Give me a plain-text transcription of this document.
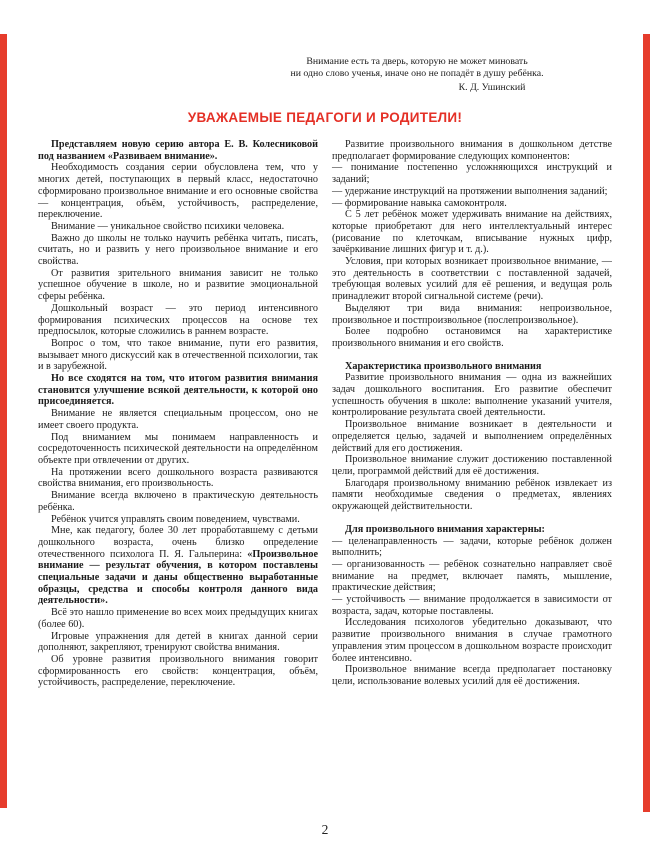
Внимание есть та дверь, которую не может миновать
ни одно слово ученья, иначе оно не попадёт в душу ребёнка.
К. Д. Ушинский
УВАЖАЕМЫЕ ПЕДАГОГИ И РОДИТЕЛИ!

Представляем новую серию автора Е. В. Колесниковой под названием «Развиваем внимание».

Необходимость создания серии обусловлена тем, что у многих детей, поступающих в первый класс, недостаточно сформировано произвольное внимание и его основные свойства — концентрация, объём, устойчивость, распределение, переключение.

Внимание — уникальное свойство психики человека.

Важно до школы не только научить ребёнка читать, писать, считать, но и развить у него произвольное внимание и его свойства.

От развития зрительного внимания зависит не только успешное обучение в школе, но и развитие эмоциональной сферы ребёнка.

Дошкольный возраст — это период интенсивного формирования психических процессов на основе тех предпосылок, которые сложились в раннем возрасте.

Вопрос о том, что такое внимание, пути его развития, вызывает много дискуссий как в отечественной психологии, так и в зарубежной.

Но все сходятся на том, что итогом развития внимания становится улучшение всякой деятельности, к которой оно присоединяется.

Внимание не является специальным процессом, оно не имеет своего продукта.

Под вниманием мы понимаем направленность и сосредоточенность психической деятельности на определённом объекте при отвлечении от других.

На протяжении всего дошкольного возраста развиваются свойства внимания, его произвольность.

Внимание всегда включено в практическую деятельность ребёнка.

Ребёнок учится управлять своим поведением, чувствами.

Мне, как педагогу, более 30 лет проработавшему с детьми дошкольного возраста, очень близко определение отечественного психолога П. Я. Гальперина: «Произвольное внимание — результат обучения, в котором поставлены специальные задачи и даны общественно выработанные образцы, средства и способы контроля данного вида деятельности».

Всё это нашло применение во всех моих предыдущих книгах (более 60).

Игровые упражнения для детей в книгах данной серии дополняют, закрепляют, тренируют свойства внимания.

Об уровне развития произвольного внимания говорит сформированность его свойств: концентрация, объём, устойчивость, распределение, переключение.

Развитие произвольного внимания в дошкольном детстве предполагает формирование следующих компонентов:

— понимание постепенно усложняющихся инструкций и заданий;

— удержание инструкций на протяжении выполнения заданий;

— формирование навыка самоконтроля.

С 5 лет ребёнок может удерживать внимание на действиях, которые приобретают для него интеллектуальный интерес (рисование по клеточкам, вписывание нужных цифр, зачёркивание лишних фигур и т. д.).

Условия, при которых возникает произвольное внимание, — это деятельность в соответствии с поставленной задачей, требующая волевых усилий для её решения, и ведущая роль принадлежит второй сигнальной системе (речи).

Выделяют три вида внимания: непроизвольное, произвольное и постпроизвольное (послепроизвольное).

Более подробно остановимся на характеристике произвольного внимания и его свойств.

Характеристика произвольного внимания

Развитие произвольного внимания — одна из важнейших задач дошкольного воспитания. Его развитие обеспечит успешность обучения в школе: выполнение указаний учителя, контролирование результата своей деятельности.

Произвольное внимание возникает в деятельности и определяется целью, задачей и выполнением определённых действий для его достижения.

Произвольное внимание служит достижению поставленной цели, программой действий для её достижения.

Благодаря произвольному вниманию ребёнок извлекает из памяти необходимые сведения о предметах, явлениях окружающей действительности.

Для произвольного внимания характерны:

— целенаправленность — задачи, которые ребёнок должен выполнить;

— организованность — ребёнок сознательно направляет своё внимание на предмет, включает память, мышление, практические действия;

— устойчивость — внимание продолжается в зависимости от возраста, задач, которые поставлены.

Исследования психологов убедительно доказывают, что развитие произвольного внимания в случае грамотного управления этим процессом в дошкольном возрасте происходит более интенсивно.

Произвольное внимание всегда предполагает постановку цели, использование волевых усилий для её достижения.

2
